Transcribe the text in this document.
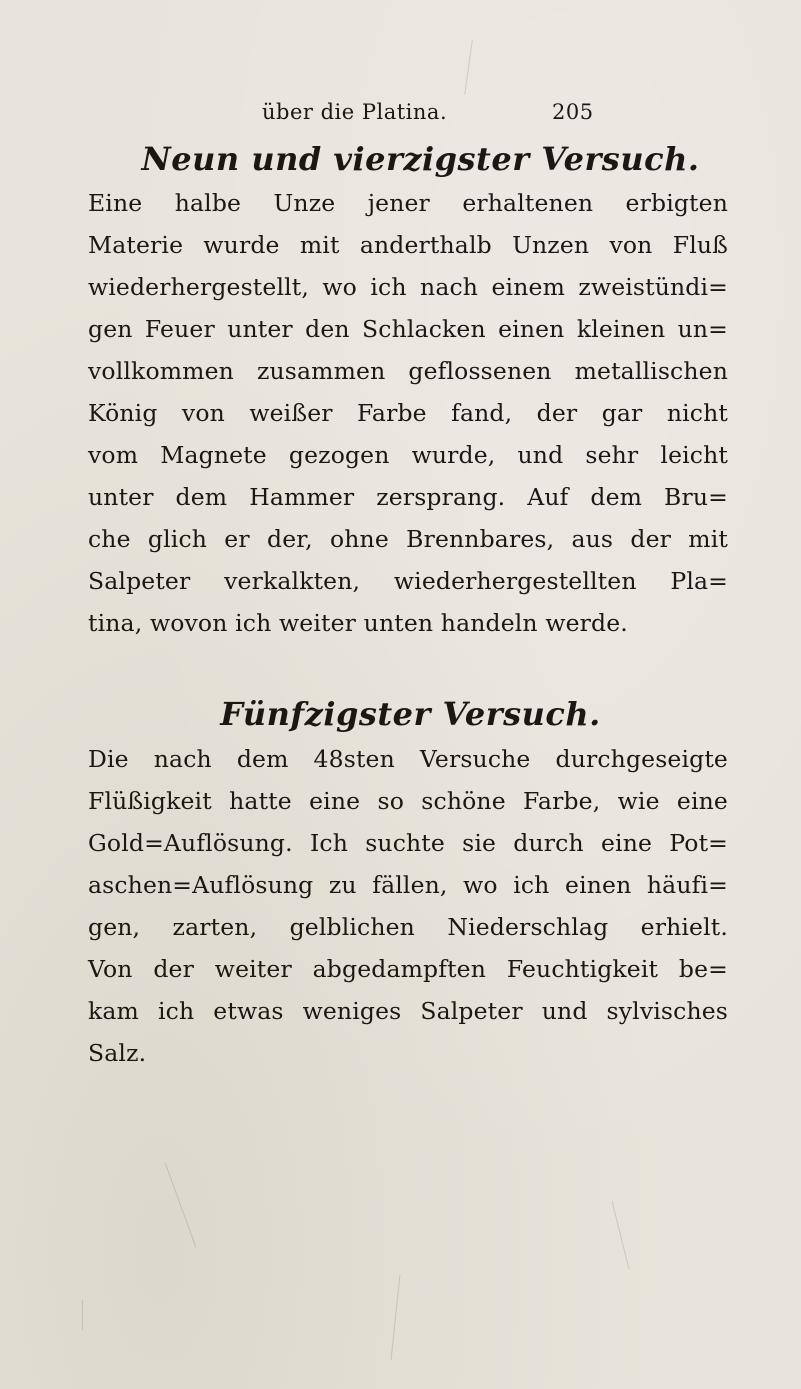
über die Platina.	205
Neun und vierzigster Versuch.
Eine halbe Unze jener erhaltenen erbigten
Materie wurde mit anderthalb Unzen von Fluß
wiederhergestellt, wo ich nach einem zweistündi=
gen Feuer unter den Schlacken einen kleinen un=
vollkommen zusammen geflossenen metallischen
König von weißer Farbe fand, der gar nicht
vom Magnete gezogen wurde, und sehr leicht
unter dem Hammer zersprang. Auf dem Bru=
che glich er der, ohne Brennbares, aus der mit
Salpeter verkalkten, wiederhergestellten Pla=
tina, wovon ich weiter unten handeln werde.
Fünfzigster Versuch.
Die nach dem 48sten Versuche durchgeseigte
Flüßigkeit hatte eine so schöne Farbe, wie eine
Gold=Auflösung. Ich suchte sie durch eine Pot=
aschen=Auflösung zu fällen, wo ich einen häufi=
gen, zarten, gelblichen Niederschlag erhielt.
Von der weiter abgedampften Feuchtigkeit be=
kam ich etwas weniges Salpeter und sylvisches
Salz.
